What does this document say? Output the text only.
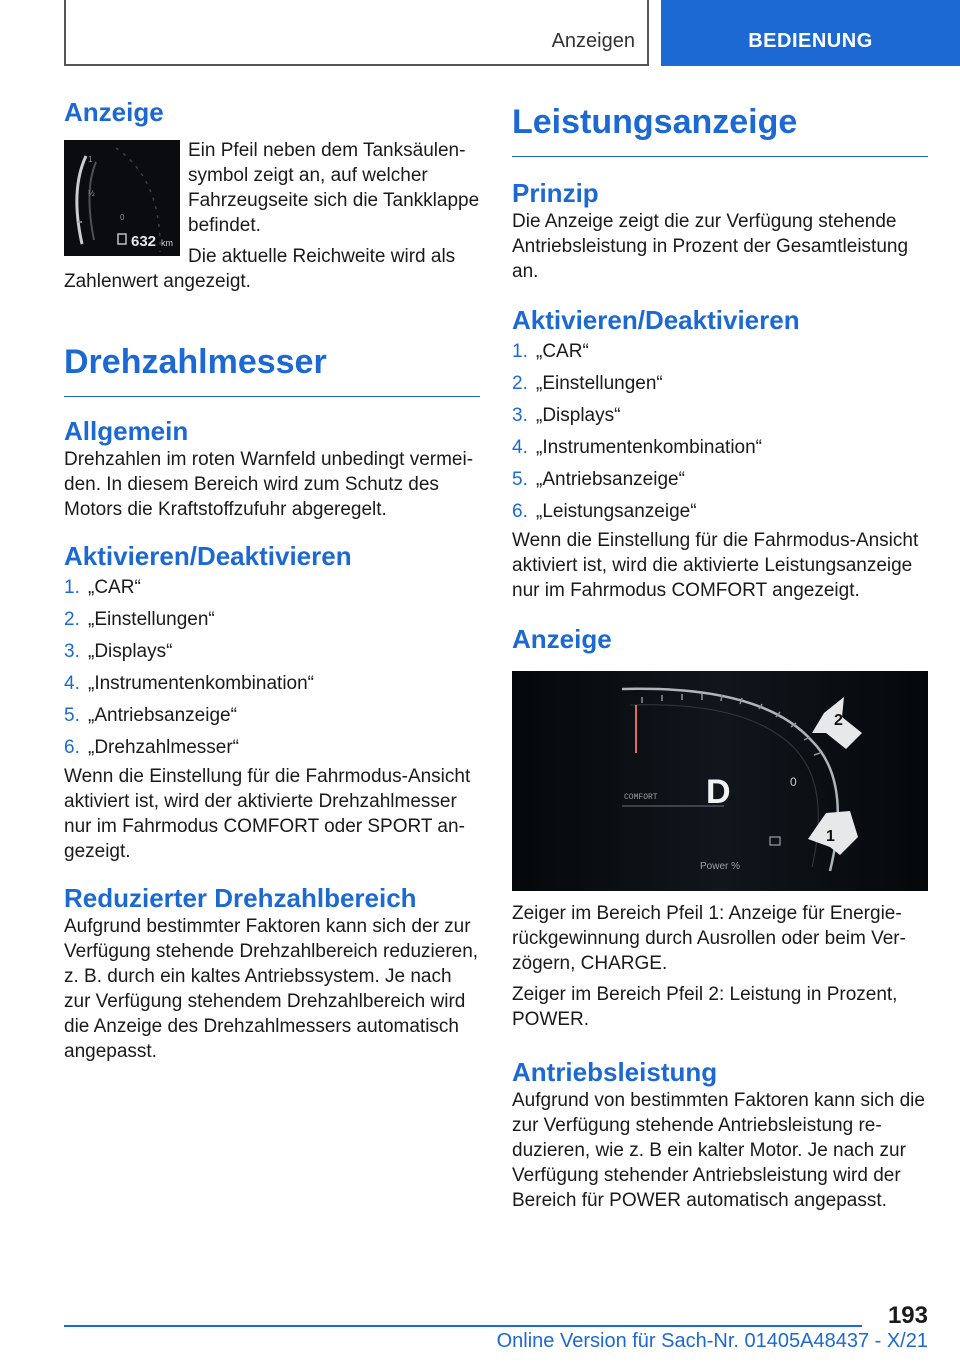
Anzeigen	BEDIENUNG
Anzeige
1
½
0
632 km

Ein Pfeil neben dem Tanksäulensymbol zeigt an, auf welcher Fahrzeugseite sich die Tankklappe befindet.

Die aktuelle Reichweite wird als Zahlenwert angezeigt.

Drehzahlmesser
Allgemein

Drehzahlen im roten Warnfeld unbedingt vermeiden. In diesem Bereich wird zum Schutz des Motors die Kraftstoffzufuhr abgeregelt.

Aktivieren/Deaktivieren
1. „CAR“
2. „Einstellungen“
3. „Displays“
4. „Instrumentenkombination“
5. „Antriebsanzeige“
6. „Drehzahlmesser“

Wenn die Einstellung für die Fahrmodus-Ansicht aktiviert ist, wird der aktivierte Drehzahlmesser nur im Fahrmodus COMFORT oder SPORT angezeigt.

Reduzierter Drehzahlbereich

Aufgrund bestimmter Faktoren kann sich der zur Verfügung stehende Drehzahlbereich reduzieren, z. B. durch ein kaltes Antriebssystem. Je nach zur Verfügung stehendem Drehzahlbereich wird die Anzeige des Drehzahlmessers automatisch angepasst.

Leistungsanzeige
Prinzip

Die Anzeige zeigt die zur Verfügung stehende Antriebsleistung in Prozent der Gesamtleistung an.

Aktivieren/Deaktivieren
1. „CAR“
2. „Einstellungen“
3. „Displays“
4. „Instrumentenkombination“
5. „Antriebsanzeige“
6. „Leistungsanzeige“

Wenn die Einstellung für die Fahrmodus-Ansicht aktiviert ist, wird die aktivierte Leistungsanzeige nur im Fahrmodus COMFORT angezeigt.

Anzeige
COMFORT D	0
Power %
2
1

Zeiger im Bereich Pfeil 1: Anzeige für Energierückgewinnung durch Ausrollen oder beim Verzögern, CHARGE.

Zeiger im Bereich Pfeil 2: Leistung in Prozent, POWER.

Antriebsleistung

Aufgrund von bestimmten Faktoren kann sich die zur Verfügung stehende Antriebsleistung reduzieren, wie z. B ein kalter Motor. Je nach zur Verfügung stehender Antriebsleistung wird der Bereich für POWER automatisch angepasst.

193
Online Version für Sach-Nr. 01405A48437 - X/21
